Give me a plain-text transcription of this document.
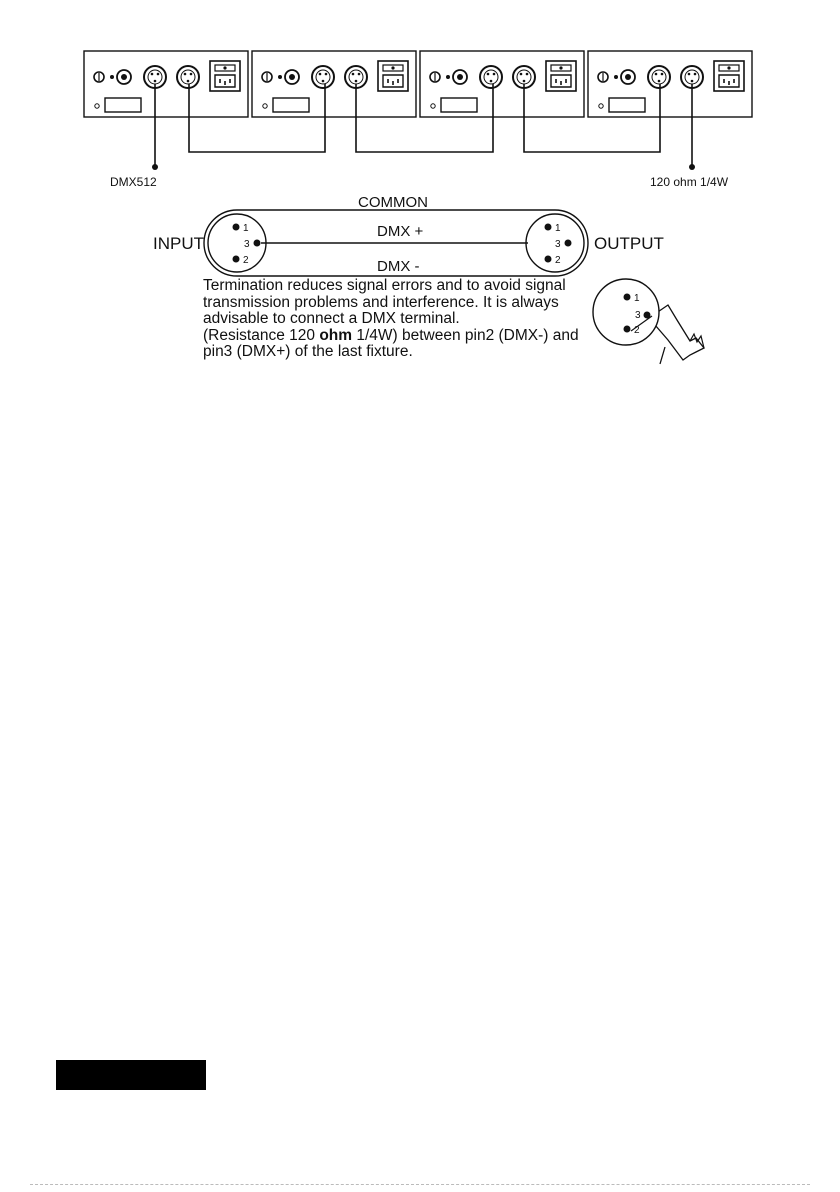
DMX512	120 ohm 1/4W
1
3
2
1
3
2
COMMON
DMX +
DMX -
INPUT	OUTPUT
1
3
2
Termination reduces signal errors and to avoid signal
transmission problems and interference. It is always
advisable to connect a DMX terminal.
(Resistance 120 ohm 1/4W) between pin2 (DMX-) and
pin3 (DMX+) of the last fixture.
